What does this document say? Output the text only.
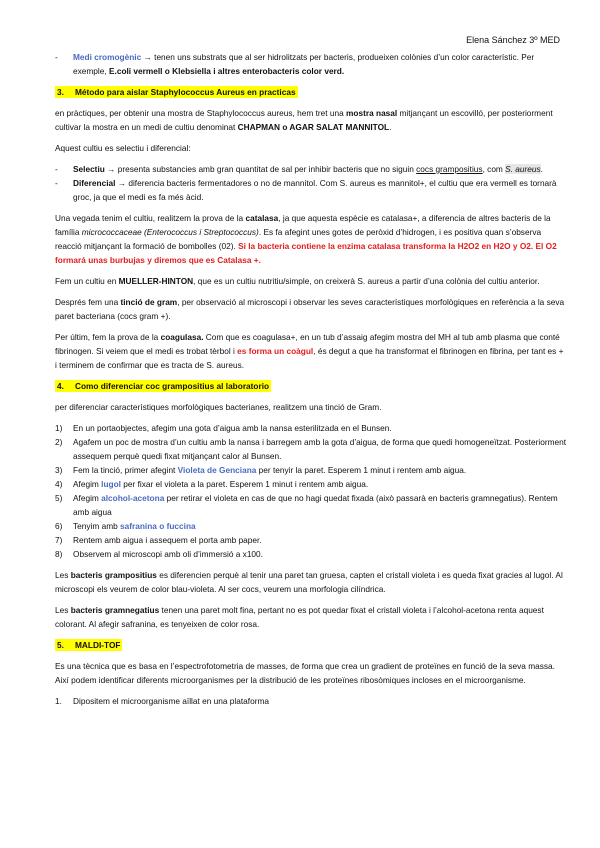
Elena Sánchez 3º MED
- Medi cromogènic → tenen uns substrats que al ser hidrolitzats per bacteris, produeixen colònies d’un color característic. Per exemple, E.coli vermell o Klebsiella i altres enterobacteris color verd.
3. Método para aislar Staphylococcus Aureus en practicas

en pràctiques, per obtenir una mostra de Staphylococcus aureus, hem tret una mostra nasal mitjançant un escovilló, per posteriorment cultivar la mostra en un medi de cultiu denominat CHAPMAN o AGAR SALAT MANNITOL.

Aquest cultiu es selectiu i diferencial:

- Selectiu → presenta substancies amb gran quantitat de sal per inhibir bacteris que no siguin cocs grampositius, com S. aureus.
- Diferencial → diferencia bacteris fermentadores o no de mannitol. Com S. aureus es mannitol+, el cultiu que era vermell es tornarà groc, ja que el medi es fa més àcid.

Una vegada tenim el cultiu, realitzem la prova de la catalasa, ja que aquesta espècie es catalasa+, a diferencia de altres bacteris de la família micrococcaceae (Enterococcus i Streptococcus). Es fa afegint unes gotes de peròxid d’hidrogen, i es positiva quan s’observa reacció mitjançant la formació de bombolles (02). Si la bacteria contiene la enzima catalasa transforma la H2O2 en H2O y O2. El O2 formará unas burbujas y diremos que es Catalasa +.

Fem un cultiu en MUELLER-HINTON, que es un cultiu nutritiu/simple, on creixerà S. aureus a partir d’una colònia del cultiu anterior.

Després fem una tinció de gram, per observació al microscopi i observar les seves característiques morfològiques en referència a la seva paret bacteriana (cocs gram +).

Per últim, fem la prova de la coagulasa. Com que es coagulasa+, en un tub d’assaig afegim mostra del MH al tub amb plasma que conté fibrinogen. Si veiem que el medi es trobat tèrbol i es forma un coàgul, és degut a que ha transformat el fibrinogen en fibrina, per tant es + i terminem de confirmar que es tracta de S. aureus.

4. Como diferenciar coc grampositius al laboratorio

per diferenciar característiques morfològiques bacterianes, realitzem una tinció de Gram.

1) En un portaobjectes, afegim una gota d’aigua amb la nansa esterilitzada en el Bunsen.
2) Agafem un poc de mostra d’un cultiu amb la nansa i barregem amb la gota d’aigua, de forma que quedi homogeneïtzat. Posteriorment assequem perquè quedi fixat mitjançant calor al Bunsen.
3) Fem la tinció, primer afegint Violeta de Genciana per tenyir la paret. Esperem 1 minut i rentem amb aigua.
4) Afegim lugol per fixar el violeta a la paret. Esperem 1 minut i rentem amb aigua.
5) Afegim alcohol-acetona per retirar el violeta en cas de que no hagi quedat fixada (això passarà en bacteris gramnegatius). Rentem amb aigua
6) Tenyim amb safranina o fuccina
7) Rentem amb aigua i assequem el porta amb paper.
8) Observem al microscopi amb oli d’immersió a x100.

Les bacteris grampositius es diferencien perquè al tenir una paret tan gruesa, capten el cristall violeta i es queda fixat gracies al lugol. Al microscopi els veurem de color blau-violeta. Al ser cocs, veurem una morfologia cilíndrica.

Les bacteris gramnegatius tenen una paret molt fina, pertant no es pot quedar fixat el cristall violeta i l’alcohol-acetona renta aquest colorant. Al afegir safranina, es tenyeixen de color rosa.

5. MALDI-TOF

Es una tècnica que es basa en l’espectrofotometria de masses, de forma que crea un gradient de proteïnes en funció de la seva massa. Així podem identificar diferents microorganismes per la distribució de les proteïnes ribosòmiques incloses en el microorganisme.

1. Dipositem el microorganisme aïllat en una plataforma
